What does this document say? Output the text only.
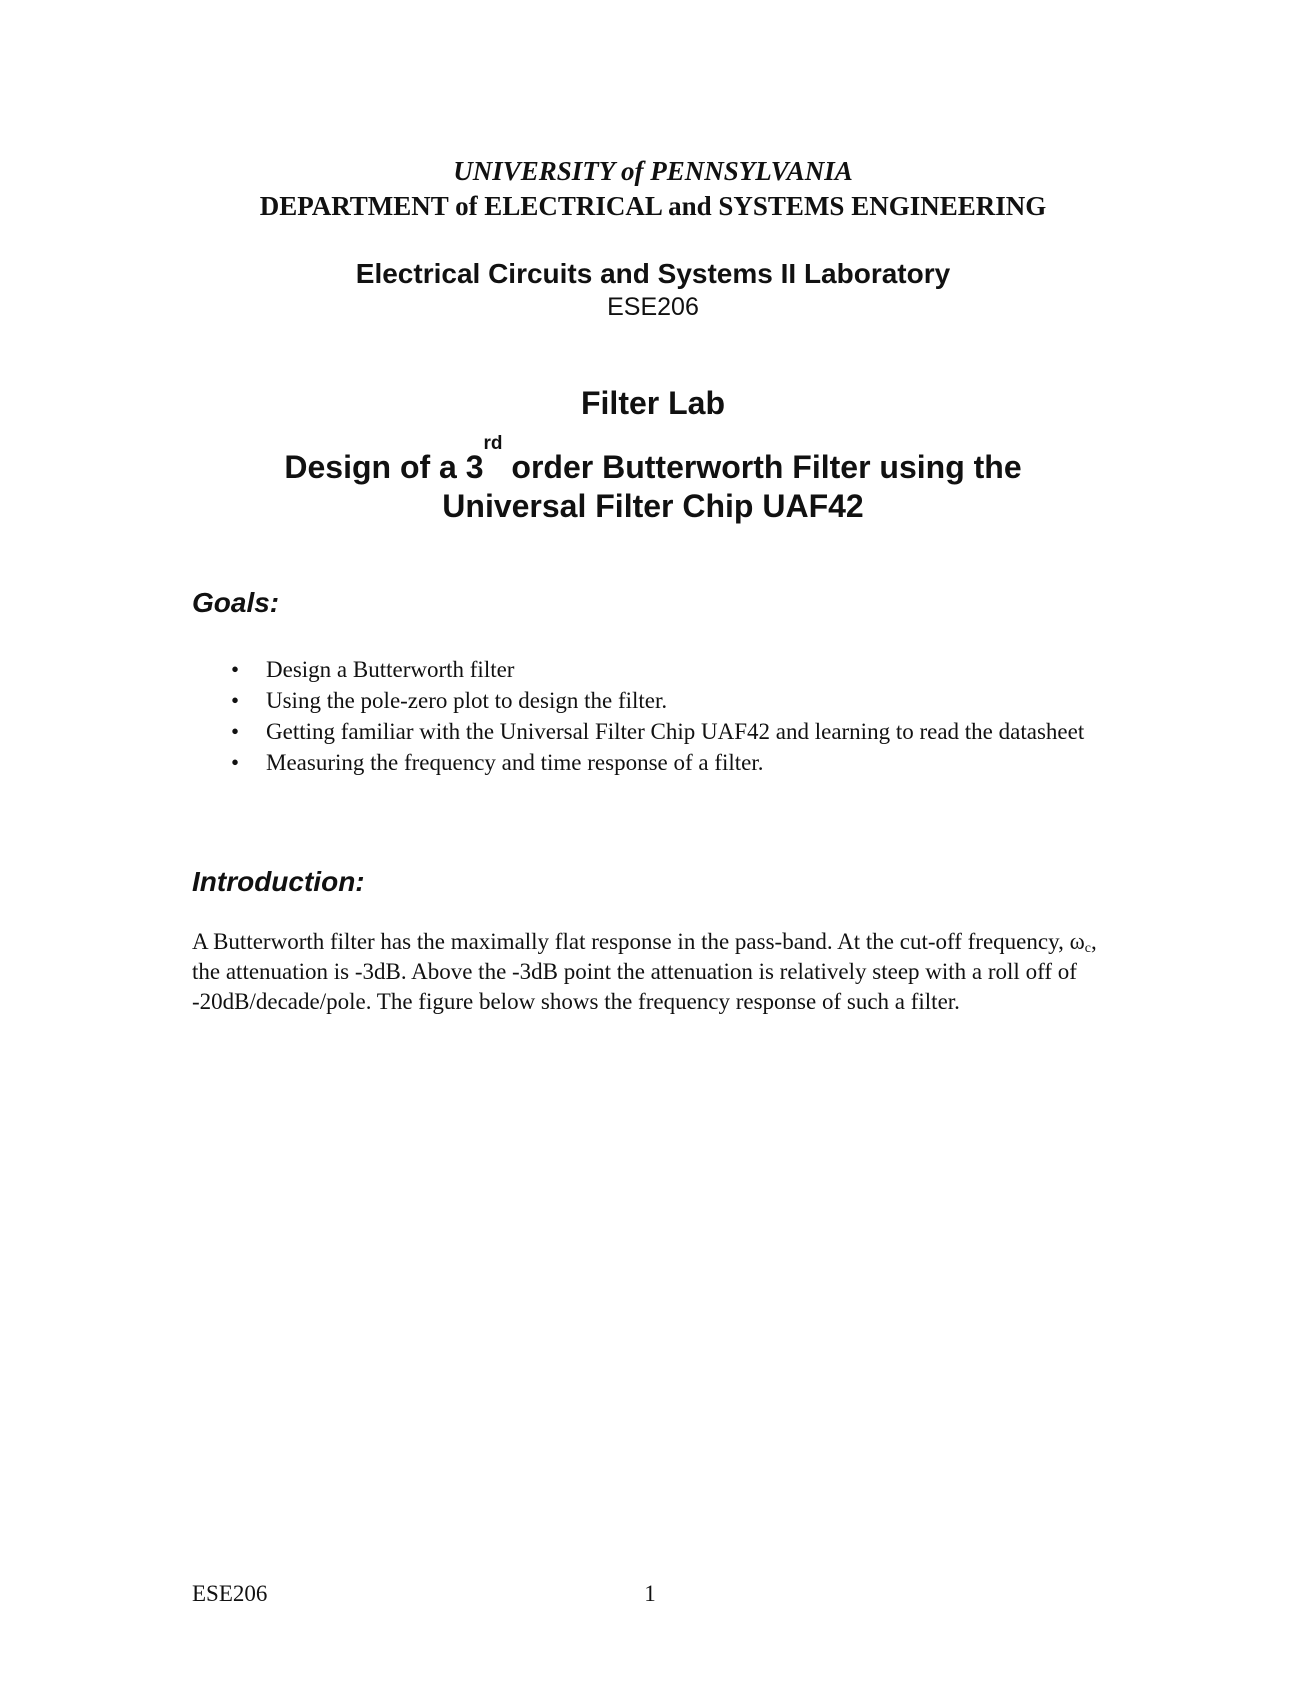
UNIVERSITY of PENNSYLVANIA
DEPARTMENT of ELECTRICAL and SYSTEMS ENGINEERING
Electrical Circuits and Systems II Laboratory
ESE206
Filter Lab
Design of a 3rd order Butterworth Filter using the
Universal Filter Chip UAF42
Goals:
• Design a Butterworth filter
• Using the pole-zero plot to design the filter.
• Getting familiar with the Universal Filter Chip UAF42 and learning to read the datasheet
• Measuring the frequency and time response of a filter.
Introduction:

A Butterworth filter has the maximally flat response in the pass-band. At the cut-off frequency, $\omega_c$, the attenuation is -3dB. Above the -3dB point the attenuation is relatively steep with a roll off of -20dB/decade/pole. The figure below shows the frequency response of such a filter.

ESE206	1
